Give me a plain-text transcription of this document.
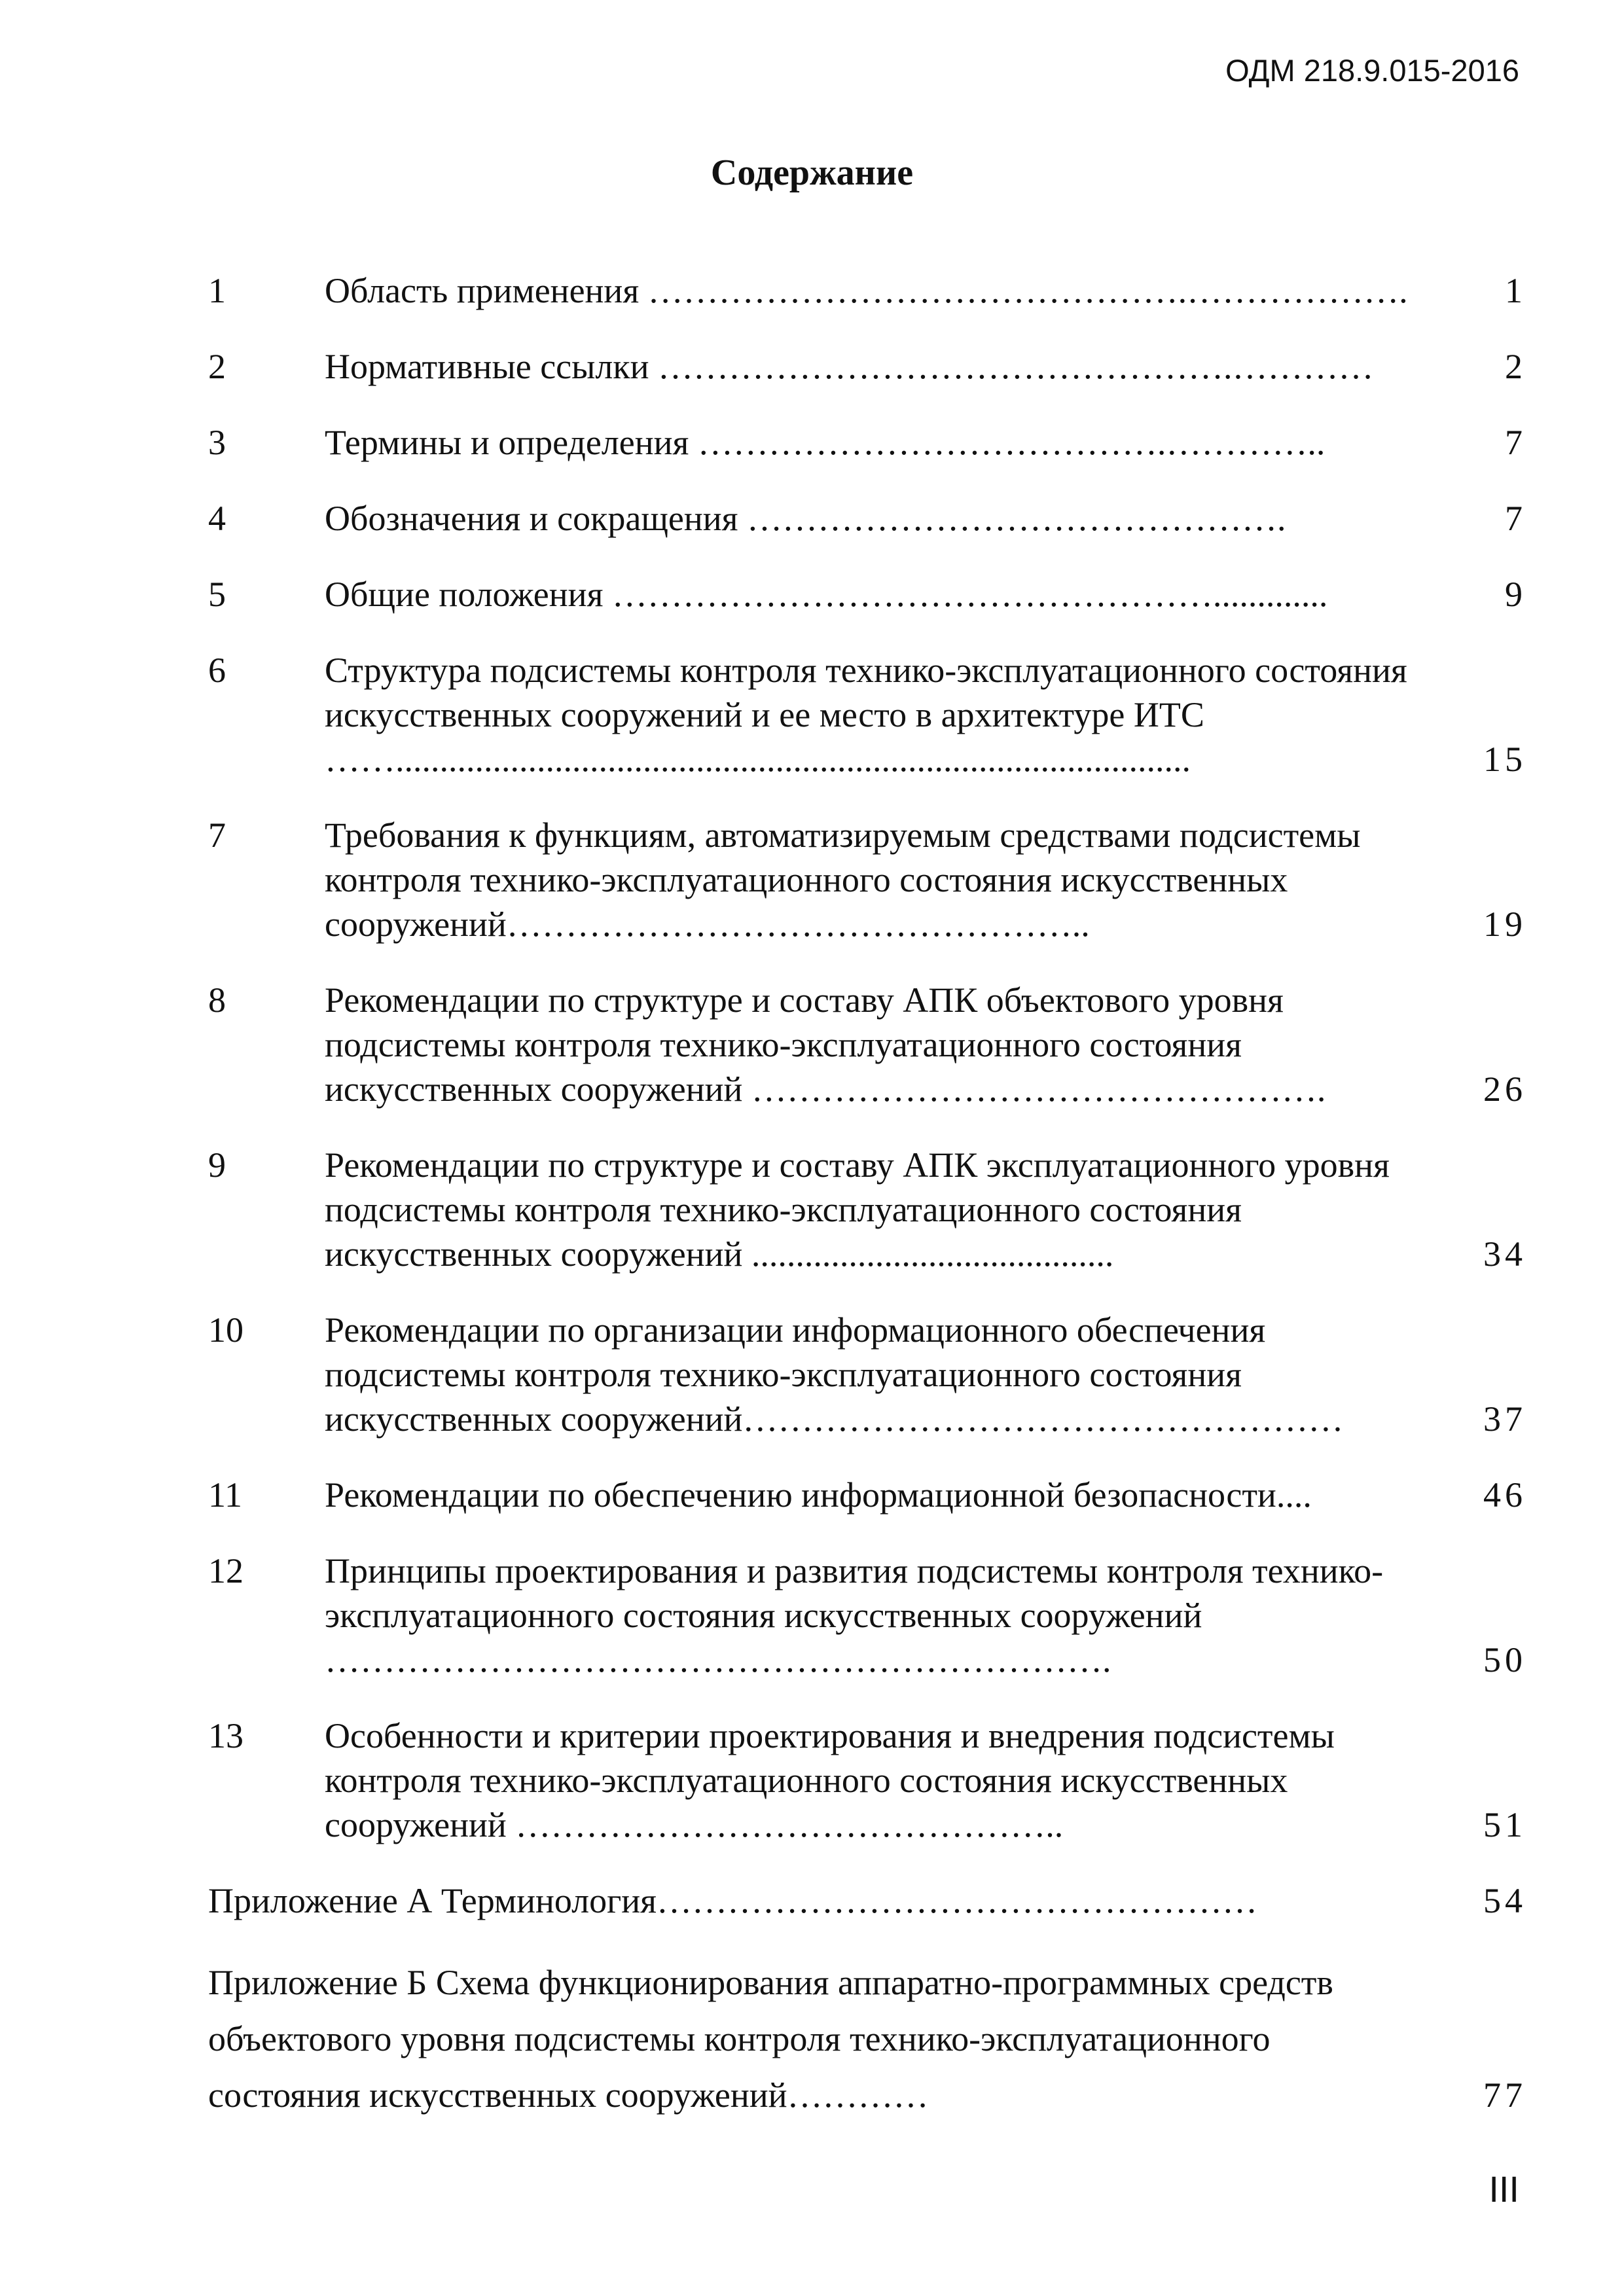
ОДМ 218.9.015-2016
Содержание
1	Область применения ……………………………………….……………….	1
2	Нормативные ссылки ………………………………………….…………	2
3	Термины и определения ………………………………….…………..	7
4	Обозначения и сокращения ……………………………………….	7
5	Общие положения …………………………………………….............	9
6	Структура подсистемы контроля технико-эксплуатационного состояния искусственных сооружений и ее место в архитектуре ИТС ……..........................................................................................	15
7	Требования к функциям, автоматизируемым средствами подсистемы контроля технико-эксплуатационного состояния искусственных сооружений…………………………………………..	19
8	Рекомендации по структуре и составу АПК объектового уровня подсистемы контроля технико-эксплуатационного состояния искусственных сооружений ………………………………………….	26
9	Рекомендации по структуре и составу АПК эксплуатационного уровня подсистемы контроля технико-эксплуатационного состояния искусственных сооружений .........................................	34
10	Рекомендации по организации информационного обеспечения подсистемы контроля технико-эксплуатационного состояния искусственных сооружений……………………………………………	37
11	Рекомендации по обеспечению информационной безопасности....	46
12	Принципы проектирования и развития подсистемы контроля технико-эксплуатационного состояния искусственных сооружений ………………………………………………………….	50
13	Особенности и критерии проектирования и внедрения подсистемы контроля технико-эксплуатационного состояния искусственных сооружений ………………………………………..	51
Приложение А Терминология……………………………………………	54
Приложение Б Схема функционирования аппаратно-программных средств объектового уровня подсистемы контроля технико-эксплуатационного состояния искусственных сооружений…………	77
III
